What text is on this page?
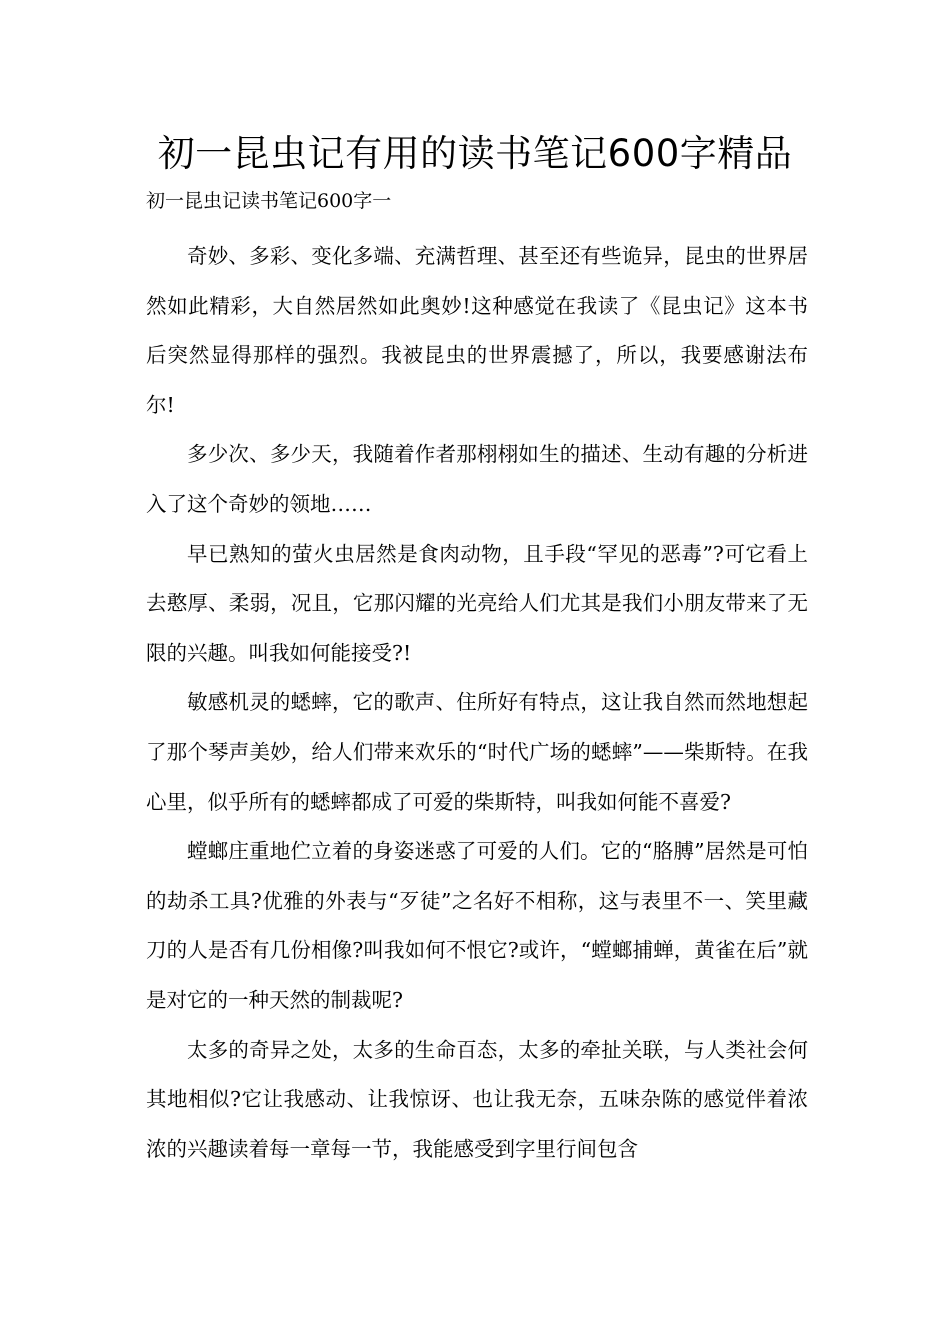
初一昆虫记有用的读书笔记600字精品
初一昆虫记读书笔记600字一

奇妙、多彩、变化多端、充满哲理、甚至还有些诡异，昆虫的世界居然如此精彩，大自然居然如此奥妙!这种感觉在我读了《昆虫记》这本书后突然显得那样的强烈。我被昆虫的世界震撼了，所以，我要感谢法布尔!

多少次、多少天，我随着作者那栩栩如生的描述、生动有趣的分析进入了这个奇妙的领地……

早已熟知的萤火虫居然是食肉动物，且手段“罕见的恶毒”?可它看上去憨厚、柔弱，况且，它那闪耀的光亮给人们尤其是我们小朋友带来了无限的兴趣。叫我如何能接受?!

敏感机灵的蟋蟀，它的歌声、住所好有特点，这让我自然而然地想起了那个琴声美妙，给人们带来欢乐的“时代广场的蟋蟀”——柴斯特。在我心里，似乎所有的蟋蟀都成了可爱的柴斯特，叫我如何能不喜爱?

螳螂庄重地伫立着的身姿迷惑了可爱的人们。它的“胳膊”居然是可怕的劫杀工具?优雅的外表与“歹徒”之名好不相称，这与表里不一、笑里藏刀的人是否有几份相像?叫我如何不恨它?或许，“螳螂捕蝉，黄雀在后”就是对它的一种天然的制裁呢?

太多的奇异之处，太多的生命百态，太多的牵扯关联，与人类社会何其地相似?它让我感动、让我惊讶、也让我无奈，五味杂陈的感觉伴着浓浓的兴趣读着每一章每一节，我能感受到字里行间包含
